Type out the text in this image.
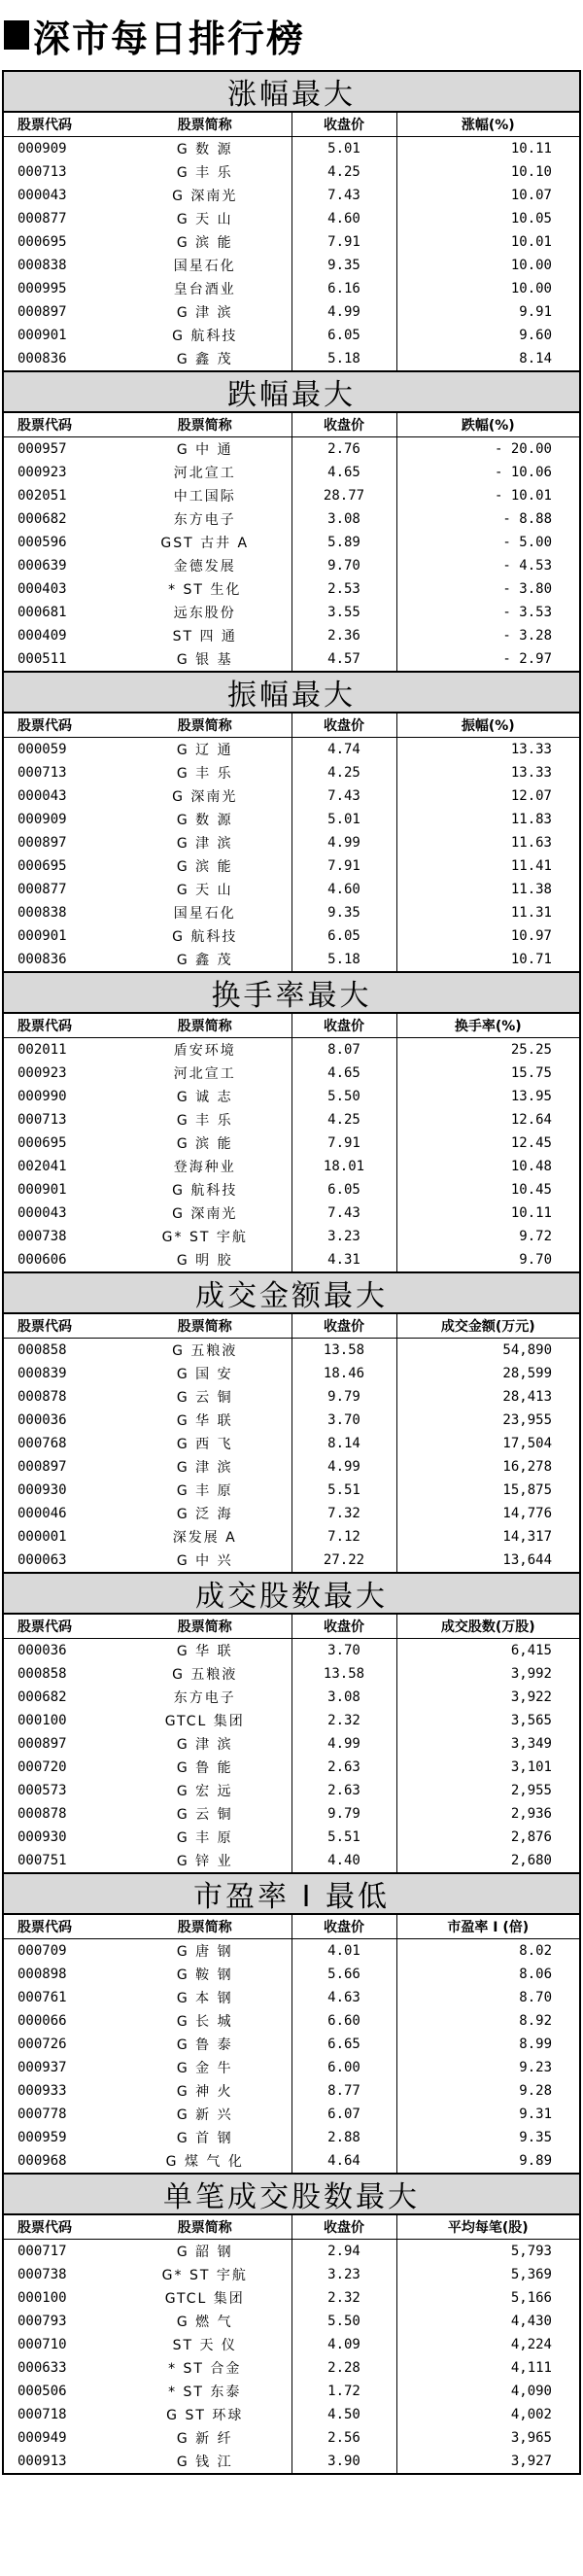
深市每日排行榜
涨幅最大
股票代码	股票简称	收盘价	涨幅(%)
000909	G 数 源	5.01	10.11
000713	G 丰 乐	4.25	10.10
000043	G 深南光	7.43	10.07
000877	G 天 山	4.60	10.05
000695	G 滨 能	7.91	10.01
000838	国星石化	9.35	10.00
000995	皇台酒业	6.16	10.00
000897	G 津 滨	4.99	9.91
000901	G 航科技	6.05	9.60
000836	G 鑫 茂	5.18	8.14
跌幅最大
股票代码	股票简称	收盘价	跌幅(%)
000957	G 中 通	2.76	- 20.00
000923	河北宣工	4.65	- 10.06
002051	中工国际	28.77	- 10.01
000682	东方电子	3.08	- 8.88
000596	GST 古井 A	5.89	- 5.00
000639	金德发展	9.70	- 4.53
000403	* ST 生化	2.53	- 3.80
000681	远东股份	3.55	- 3.53
000409	ST 四 通	2.36	- 3.28
000511	G 银 基	4.57	- 2.97
振幅最大
股票代码	股票简称	收盘价	振幅(%)
000059	G 辽 通	4.74	13.33
000713	G 丰 乐	4.25	13.33
000043	G 深南光	7.43	12.07
000909	G 数 源	5.01	11.83
000897	G 津 滨	4.99	11.63
000695	G 滨 能	7.91	11.41
000877	G 天 山	4.60	11.38
000838	国星石化	9.35	11.31
000901	G 航科技	6.05	10.97
000836	G 鑫 茂	5.18	10.71
换手率最大
股票代码	股票简称	收盘价	换手率(%)
002011	盾安环境	8.07	25.25
000923	河北宣工	4.65	15.75
000990	G 诚 志	5.50	13.95
000713	G 丰 乐	4.25	12.64
000695	G 滨 能	7.91	12.45
002041	登海种业	18.01	10.48
000901	G 航科技	6.05	10.45
000043	G 深南光	7.43	10.11
000738	G* ST 宇航	3.23	9.72
000606	G 明 胶	4.31	9.70
成交金额最大
股票代码	股票简称	收盘价	成交金额(万元)
000858	G 五粮液	13.58	54,890
000839	G 国 安	18.46	28,599
000878	G 云 铜	9.79	28,413
000036	G 华 联	3.70	23,955
000768	G 西 飞	8.14	17,504
000897	G 津 滨	4.99	16,278
000930	G 丰 原	5.51	15,875
000046	G 泛 海	7.32	14,776
000001	深发展 A	7.12	14,317
000063	G 中 兴	27.22	13,644
成交股数最大
股票代码	股票简称	收盘价	成交股数(万股)
000036	G 华 联	3.70	6,415
000858	G 五粮液	13.58	3,992
000682	东方电子	3.08	3,922
000100	GTCL 集团	2.32	3,565
000897	G 津 滨	4.99	3,349
000720	G 鲁 能	2.63	3,101
000573	G 宏 远	2.63	2,955
000878	G 云 铜	9.79	2,936
000930	G 丰 原	5.51	2,876
000751	G 锌 业	4.40	2,680
市盈率 I 最低
股票代码	股票简称	收盘价	市盈率 I (倍)
000709	G 唐 钢	4.01	8.02
000898	G 鞍 钢	5.66	8.06
000761	G 本 钢	4.63	8.70
000066	G 长 城	6.60	8.92
000726	G 鲁 泰	6.65	8.99
000937	G 金 牛	6.00	9.23
000933	G 神 火	8.77	9.28
000778	G 新 兴	6.07	9.31
000959	G 首 钢	2.88	9.35
000968	G 煤 气 化	4.64	9.89
单笔成交股数最大
股票代码	股票简称	收盘价	平均每笔(股)
000717	G 韶 钢	2.94	5,793
000738	G* ST 宇航	3.23	5,369
000100	GTCL 集团	2.32	5,166
000793	G 燃 气	5.50	4,430
000710	ST 天 仪	4.09	4,224
000633	* ST 合金	2.28	4,111
000506	* ST 东泰	1.72	4,090
000718	G ST 环球	4.50	4,002
000949	G 新 纤	2.56	3,965
000913	G 钱 江	3.90	3,927
